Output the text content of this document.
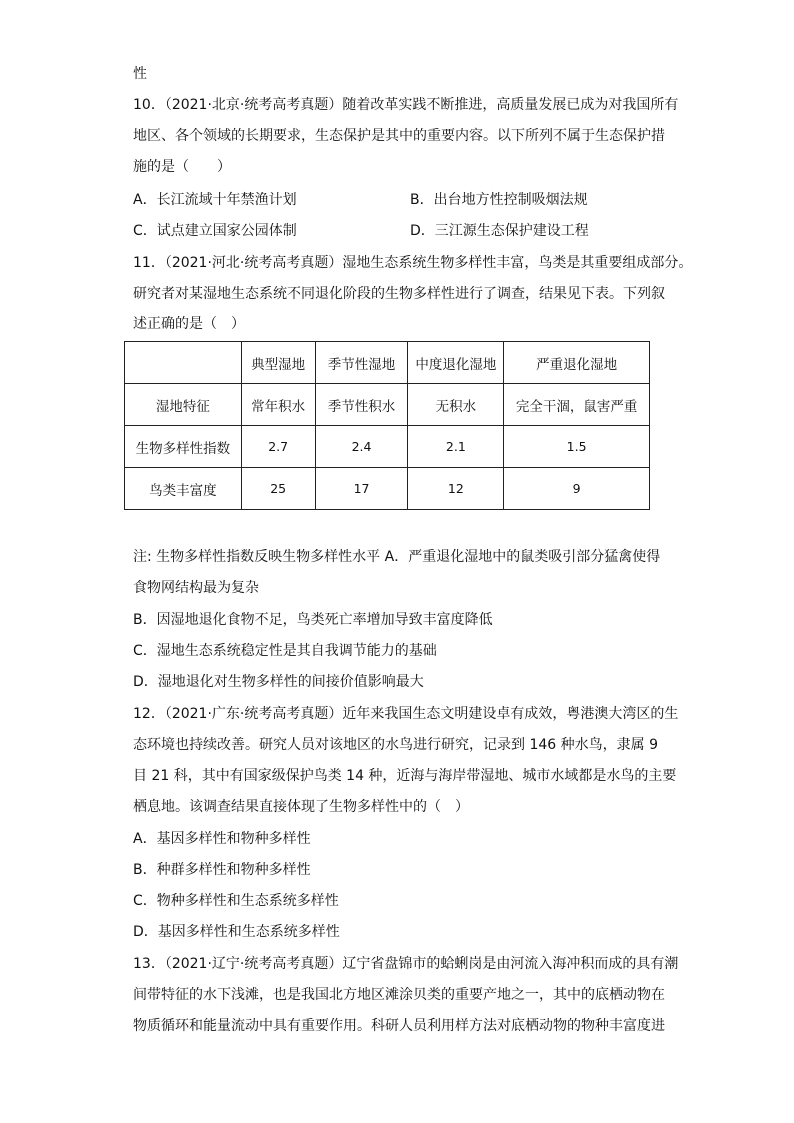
性
10．（2021·北京·统考高考真题）随着改革实践不断推进，高质量发展已成为对我国所有
地区、各个领域的长期要求，生态保护是其中的重要内容。以下所列不属于生态保护措
施的是（　　）
A．长江流域十年禁渔计划	B．出台地方性控制吸烟法规
C．试点建立国家公园体制	D．三江源生态保护建设工程
11．（2021·河北·统考高考真题）湿地生态系统生物多样性丰富，鸟类是其重要组成部分。
研究者对某湿地生态系统不同退化阶段的生物多样性进行了调查，结果见下表。下列叙
述正确的是（　）
	典型湿地	季节性湿地	中度退化湿地	严重退化湿地
湿地特征	常年积水	季节性积水	无积水	完全干涸，鼠害严重
生物多样性指数	2.7	2.4	2.1	1.5
鸟类丰富度	25	17	12	9
注: 生物多样性指数反映生物多样性水平 A．严重退化湿地中的鼠类吸引部分猛禽使得
食物网结构最为复杂
B．因湿地退化食物不足，鸟类死亡率增加导致丰富度降低
C．湿地生态系统稳定性是其自我调节能力的基础
D．湿地退化对生物多样性的间接价值影响最大
12．（2021·广东·统考高考真题）近年来我国生态文明建设卓有成效，粤港澳大湾区的生
态环境也持续改善。研究人员对该地区的水鸟进行研究，记录到 146 种水鸟，隶属 9
目 21 科，其中有国家级保护鸟类 14 种，近海与海岸带湿地、城市水域都是水鸟的主要
栖息地。该调查结果直接体现了生物多样性中的（　）
A．基因多样性和物种多样性
B．种群多样性和物种多样性
C．物种多样性和生态系统多样性
D．基因多样性和生态系统多样性
13．（2021·辽宁·统考高考真题）辽宁省盘锦市的蛤蜊岗是由河流入海冲积而成的具有潮
间带特征的水下浅滩，也是我国北方地区滩涂贝类的重要产地之一，其中的底栖动物在
物质循环和能量流动中具有重要作用。科研人员利用样方法对底栖动物的物种丰富度进
